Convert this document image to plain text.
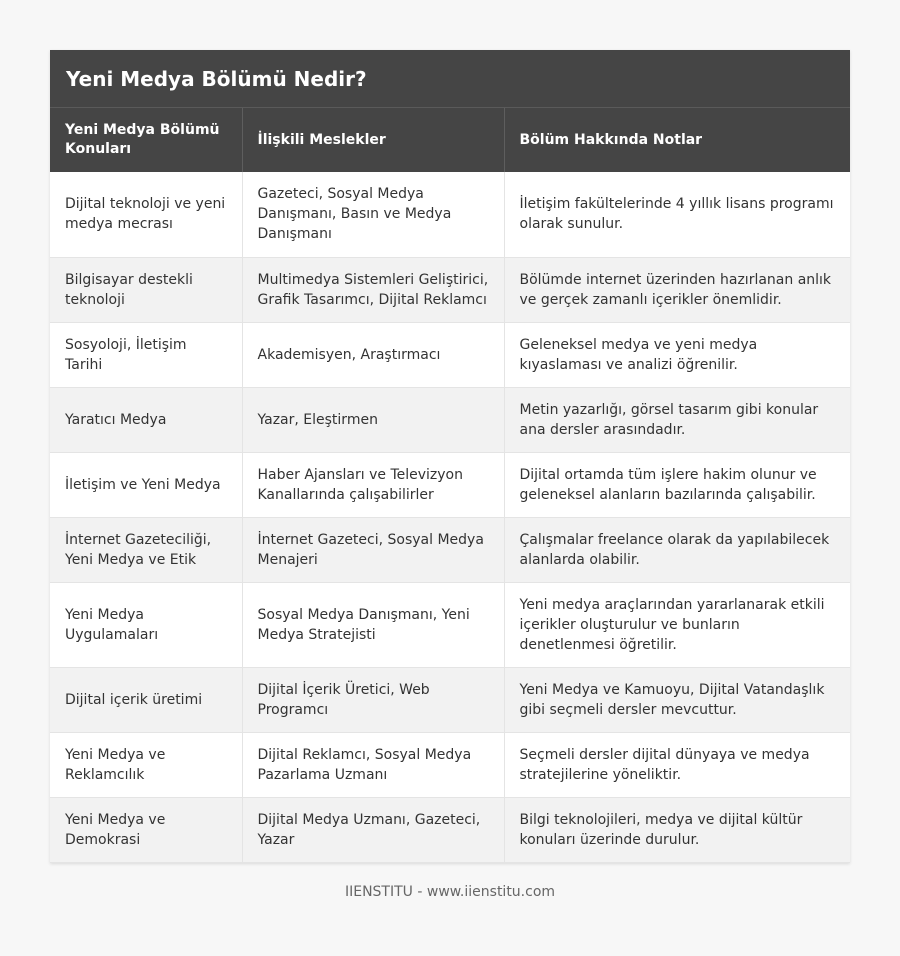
Yeni Medya Bölümü Nedir?
Yeni Medya Bölümü Konuları	İlişkili Meslekler	Bölüm Hakkında Notlar
Dijital teknoloji ve yeni medya mecrası	Gazeteci, Sosyal Medya Danışmanı, Basın ve Medya Danışmanı	İletişim fakültelerinde 4 yıllık lisans programı olarak sunulur.
Bilgisayar destekli teknoloji	Multimedya Sistemleri Geliştirici, Grafik Tasarımcı, Dijital Reklamcı	Bölümde internet üzerinden hazırlanan anlık ve gerçek zamanlı içerikler önemlidir.
Sosyoloji, İletişim Tarihi	Akademisyen, Araştırmacı	Geleneksel medya ve yeni medya kıyaslaması ve analizi öğrenilir.
Yaratıcı Medya	Yazar, Eleştirmen	Metin yazarlığı, görsel tasarım gibi konular ana dersler arasındadır.
İletişim ve Yeni Medya	Haber Ajansları ve Televizyon Kanallarında çalışabilirler	Dijital ortamda tüm işlere hakim olunur ve geleneksel alanların bazılarında çalışabilir.
İnternet Gazeteciliği, Yeni Medya ve Etik	İnternet Gazeteci, Sosyal Medya Menajeri	Çalışmalar freelance olarak da yapılabilecek alanlarda olabilir.
Yeni Medya Uygulamaları	Sosyal Medya Danışmanı, Yeni Medya Stratejisti	Yeni medya araçlarından yararlanarak etkili içerikler oluşturulur ve bunların denetlenmesi öğretilir.
Dijital içerik üretimi	Dijital İçerik Üretici, Web Programcı	Yeni Medya ve Kamuoyu, Dijital Vatandaşlık gibi seçmeli dersler mevcuttur.
Yeni Medya ve Reklamcılık	Dijital Reklamcı, Sosyal Medya Pazarlama Uzmanı	Seçmeli dersler dijital dünyaya ve medya stratejilerine yöneliktir.
Yeni Medya ve Demokrasi	Dijital Medya Uzmanı, Gazeteci, Yazar	Bilgi teknolojileri, medya ve dijital kültür konuları üzerinde durulur.
IIENSTITU - www.iienstitu.com
